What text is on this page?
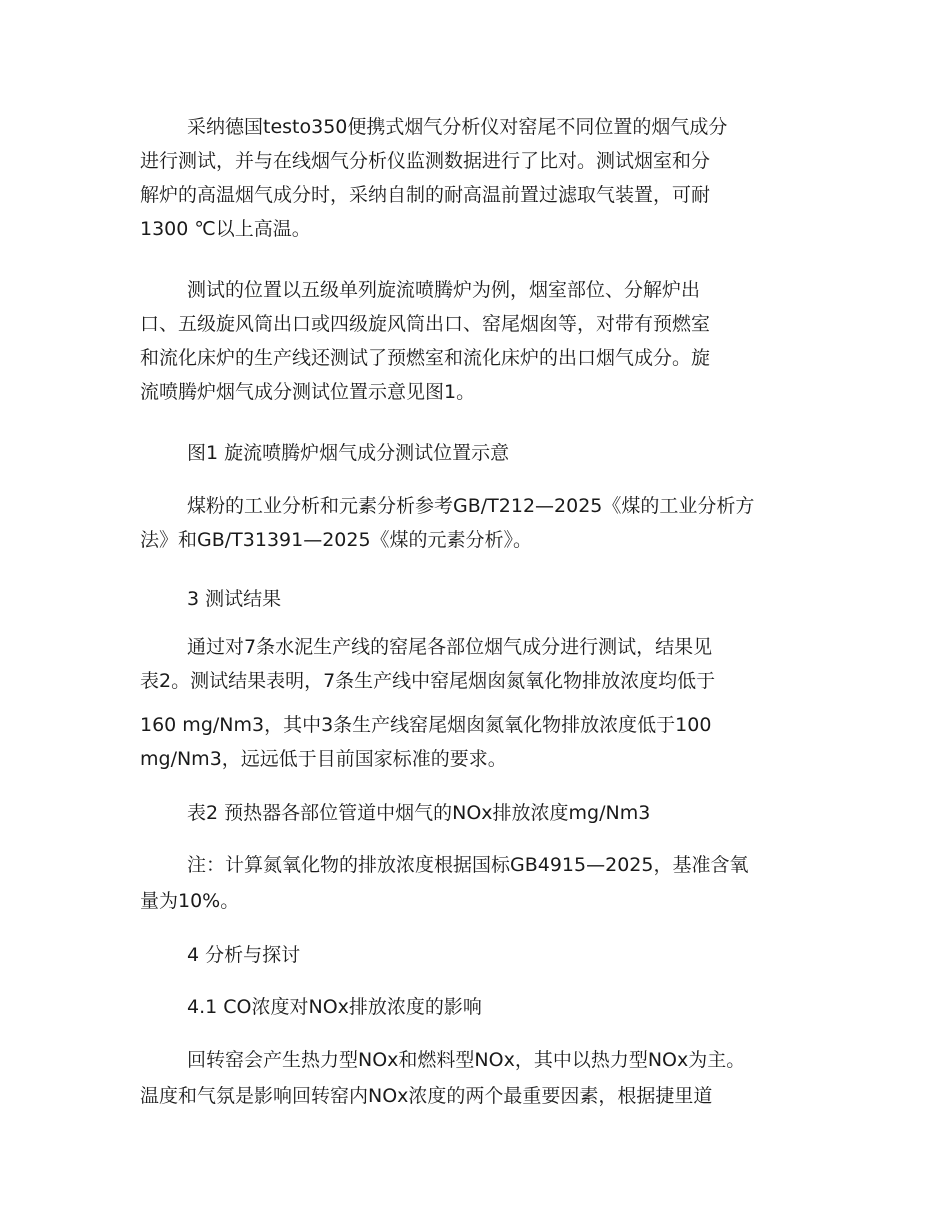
采纳德国testo350便携式烟气分析仪对窑尾不同位置的烟气成分

进行测试，并与在线烟气分析仪监测数据进行了比对。测试烟室和分

解炉的高温烟气成分时，采纳自制的耐高温前置过滤取气装置，可耐

1300 ℃以上高温。

测试的位置以五级单列旋流喷腾炉为例，烟室部位、分解炉出

口、五级旋风筒出口或四级旋风筒出口、窑尾烟囱等，对带有预燃室

和流化床炉的生产线还测试了预燃室和流化床炉的出口烟气成分。旋

流喷腾炉烟气成分测试位置示意见图1。

图1 旋流喷腾炉烟气成分测试位置示意

煤粉的工业分析和元素分析参考GB/T212—2025《煤的工业分析方

法》和GB/T31391—2025《煤的元素分析》。

3 测试结果

通过对7条水泥生产线的窑尾各部位烟气成分进行测试，结果见

表2。测试结果表明，7条生产线中窑尾烟囱氮氧化物排放浓度均低于

160 mg/Nm3，其中3条生产线窑尾烟囱氮氧化物排放浓度低于100

mg/Nm3，远远低于目前国家标准的要求。

表2 预热器各部位管道中烟气的NOx排放浓度mg/Nm3

注：计算氮氧化物的排放浓度根据国标GB4915—2025，基准含氧

量为10%。

4 分析与探讨

4.1 CO浓度对NOx排放浓度的影响

回转窑会产生热力型NOx和燃料型NOx，其中以热力型NOx为主。

温度和气氛是影响回转窑内NOx浓度的两个最重要因素，根据捷里道
